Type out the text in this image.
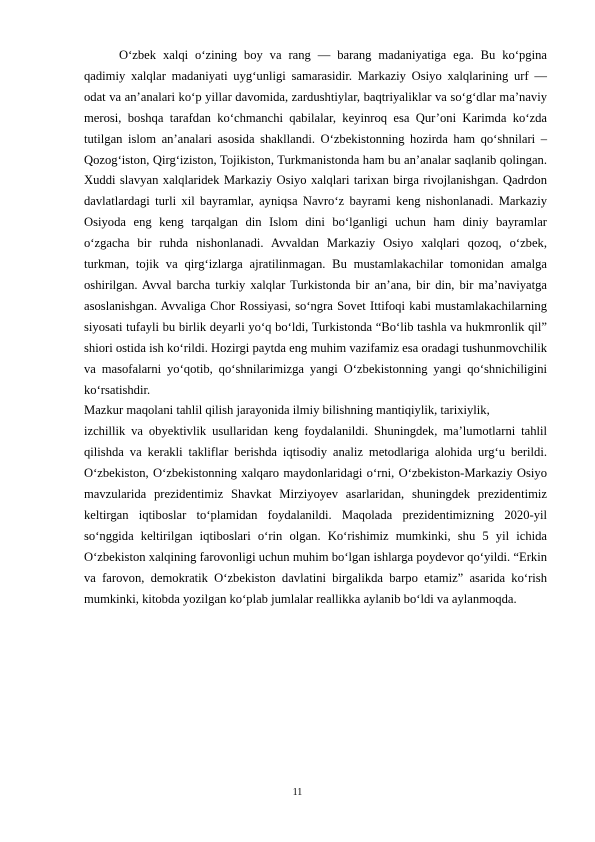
O‘zbek xalqi o‘zining boy va rang — barang madaniyatiga ega. Bu ko‘pgina qadimiy xalqlar madaniyati uyg‘unligi samarasidir. Markaziy Osiyo xalqlarining urf — odat va an’analari ko‘p yillar davomida, zardushtiylar, baqtriyaliklar va so‘g‘dlar ma’naviy merosi, boshqa tarafdan ko‘chmanchi qabilalar, keyinroq esa Qur’oni Karimda ko‘zda tutilgan islom an’analari asosida shakllandi. O‘zbekistonning hozirda ham qo‘shnilari – Qozog‘iston, Qirg‘iziston, Tojikiston, Turkmanistonda ham bu an’analar saqlanib qolingan. Xuddi slavyan xalqlaridek Markaziy Osiyo xalqlari tarixan birga rivojlanishgan. Qadrdon davlatlardagi turli xil bayramlar, ayniqsa Navro‘z bayrami keng nishonlanadi. Markaziy Osiyoda eng keng tarqalgan din Islom dini bo‘lganligi uchun ham diniy bayramlar o‘zgacha bir ruhda nishonlanadi. Avvaldan Markaziy Osiyo xalqlari qozoq, o‘zbek, turkman, tojik va qirg‘izlarga ajratilinmagan. Bu mustamlakachilar tomonidan amalga oshirilgan. Avval barcha turkiy xalqlar Turkistonda bir an’ana, bir din, bir ma’naviyatga asoslanishgan. Avvaliga Chor Rossiyasi, so‘ngra Sovet Ittifoqi kabi mustamlakachilarning siyosati tufayli bu birlik deyarli yo‘q bo‘ldi, Turkistonda “Bo‘lib tashla va hukmronlik qil” shiori ostida ish ko‘rildi. Hozirgi paytda eng muhim vazifamiz esa oradagi tushunmovchilik va masofalarni yo‘qotib, qo‘shnilarimizga yangi O‘zbekistonning yangi qo‘shnichiligini ko‘rsatishdir.

Mazkur maqolani tahlil qilish jarayonida ilmiy bilishning mantiqiylik, tarixiylik,

izchillik va obyektivlik usullaridan keng foydalanildi. Shuningdek, ma’lumotlarni tahlil qilishda va kerakli takliflar berishda iqtisodiy analiz metodlariga alohida urg‘u berildi. O‘zbekiston, O‘zbekistonning xalqaro maydonlaridagi o‘rni, O‘zbekiston-Markaziy Osiyo mavzularida prezidentimiz Shavkat Mirziyoyev asarlaridan, shuningdek prezidentimiz keltirgan iqtiboslar to‘plamidan foydalanildi. Maqolada prezidentimizning 2020-yil so‘nggida keltirilgan iqtiboslari o‘rin olgan. Ko‘rishimiz mumkinki, shu 5 yil ichida O‘zbekiston xalqining farovonligi uchun muhim bo‘lgan ishlarga poydevor qo‘yildi. “Erkin va farovon, demokratik O‘zbekiston davlatini birgalikda barpo etamiz” asarida ko‘rish mumkinki, kitobda yozilgan ko‘plab jumlalar reallikka aylanib bo‘ldi va aylanmoqda.

11
